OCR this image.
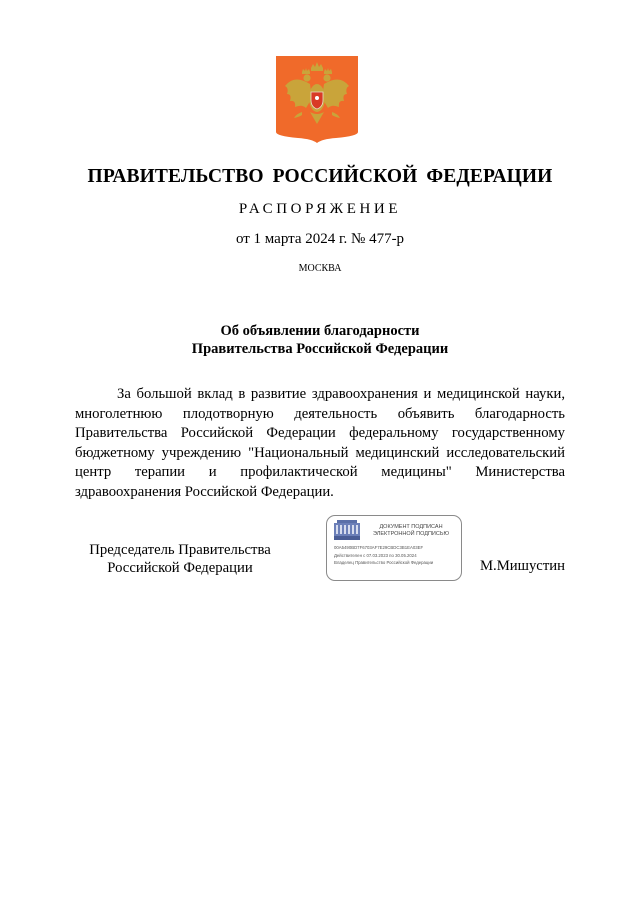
ПРАВИТЕЛЬСТВО РОССИЙСКОЙ ФЕДЕРАЦИИ
РАСПОРЯЖЕНИЕ
от 1 марта 2024 г. № 477-р
МОСКВА
Об объявлении благодарности
Правительства Российской Федерации
За большой вклад в развитие здравоохранения и медицинской науки, многолетнюю плодотворную деятельность объявить благодарность Правительства Российской Федерации федеральному государственному бюджетному учреждению "Национальный медицинский исследовательский центр терапии и профилактической медицины" Министерства здравоохранения Российской Федерации.
Председатель Правительства
Российской Федерации
ДОКУМЕНТ ПОДПИСАН
ЭЛЕКТРОННОЙ ПОДПИСЬЮ
00A5490BD7F6703AF7E29CBDC3B1EA03EF
Действителен с 07.03.2023 по 30.05.2024
Владелец Правительство Российской Федерации	М.Мишустин
